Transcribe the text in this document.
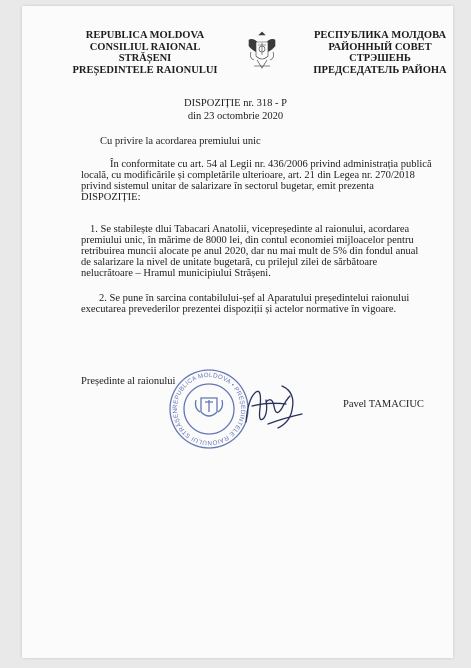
REPUBLICA MOLDOVA
CONSILIUL RAIONAL
STRĂȘENI
PREȘEDINTELE RAIONULUI
РЕСПУБЛИКА МОЛДОВА
РАЙОННЫЙ СОВЕТ
СТРЭШЕНЬ
ПРЕДСЕДАТЕЛЬ РАЙОНА
DISPOZIȚIE nr. 318 - P
din 23 octombrie 2020
Cu privire la acordarea premiului unic
În conformitate cu art. 54 al Legii nr. 436/2006 privind administrația publică
locală, cu modificările și completările ulterioare, art. 21 din Legea nr. 270/2018
privind sistemul unitar de salarizare în sectorul bugetar, emit prezenta
DISPOZIȚIE:
1. Se stabilește dlui Tabacari Anatolii, vicepreședinte al raionului, acordarea
premiului unic, în mărime de 8000 lei, din contul economiei mijloacelor pentru
retribuirea muncii alocate pe anul 2020, dar nu mai mult de 5% din fondul anual
de salarizare la nivel de unitate bugetară, cu prilejul zilei de sărbătoare
nelucrătoare – Hramul municipiului Strășeni.
2. Se pune în sarcina contabilului-șef al Aparatului președintelui raionului
executarea prevederilor prezentei dispoziții și actelor normative în vigoare.
Președinte al raionului
Pavel TAMACIUC
REPUBLICA MOLDOVA • PREȘEDINTELE RAIONULUI STRĂȘEN
